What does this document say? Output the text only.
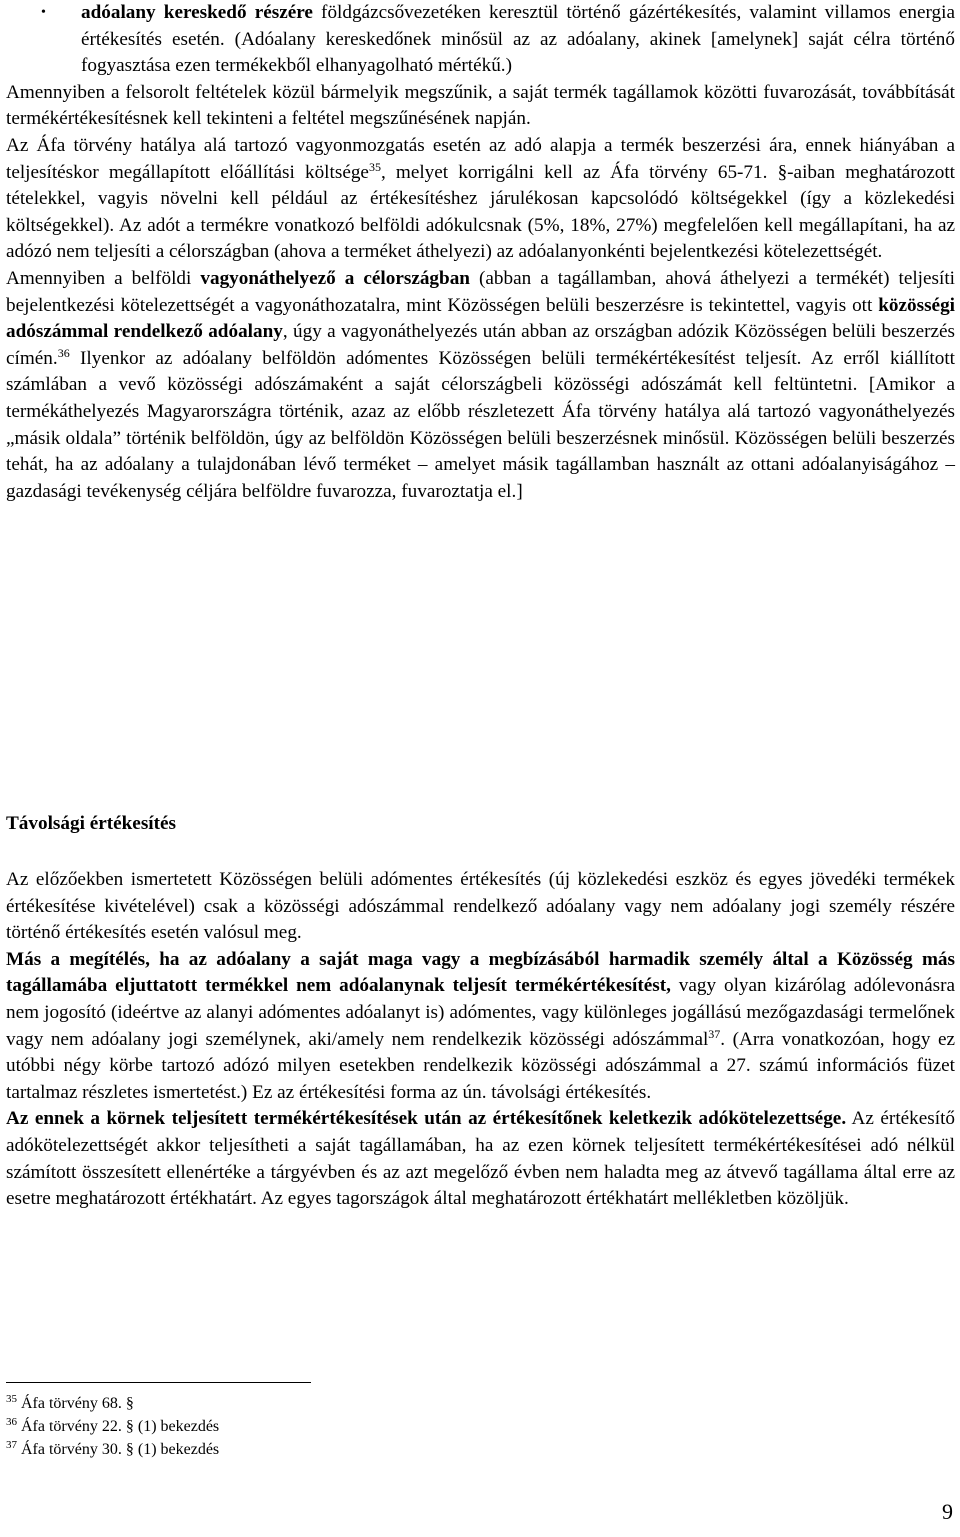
• adóalany kereskedő részére földgázcsővezetéken keresztül történő gázértékesítés, valamint villamos energia értékesítés esetén. (Adóalany kereskedőnek minősül az az adóalany, akinek [amelynek] saját célra történő fogyasztása ezen termékekből elhanyagolható mértékű.)

Amennyiben a felsorolt feltételek közül bármelyik megszűnik, a saját termék tagállamok közötti fuvarozását, továbbítását termékértékesítésnek kell tekinteni a feltétel megszűnésének napján.

Az Áfa törvény hatálya alá tartozó vagyonmozgatás esetén az adó alapja a termék beszerzési ára, ennek hiányában a teljesítéskor megállapított előállítási költsége$^{35}$, melyet korrigálni kell az Áfa törvény 65-71. §-aiban meghatározott tételekkel, vagyis növelni kell például az értékesítéshez járulékosan kapcsolódó költségekkel (így a közlekedési költségekkel). Az adót a termékre vonatkozó belföldi adókulcsnak (5%, 18%, 27%) megfelelően kell megállapítani, ha az adózó nem teljesíti a célországban (ahova a terméket áthelyezi) az adóalanyonkénti bejelentkezési kötelezettségét.

Amennyiben a belföldi vagyonáthelyező a célországban (abban a tagállamban, ahová áthelyezi a termékét) teljesíti bejelentkezési kötelezettségét a vagyonáthozatalra, mint Közösségen belüli beszerzésre is tekintettel, vagyis ott közösségi adószámmal rendelkező adóalany, úgy a vagyonáthelyezés után abban az országban adózik Közösségen belüli beszerzés címén.$^{36}$ Ilyenkor az adóalany belföldön adómentes Közösségen belüli termékértékesítést teljesít. Az erről kiállított számlában a vevő közösségi adószámaként a saját célországbeli közösségi adószámát kell feltüntetni. [Amikor a termékáthelyezés Magyarországra történik, azaz az előbb részletezett Áfa törvény hatálya alá tartozó vagyonáthelyezés „másik oldala” történik belföldön, úgy az belföldön Közösségen belüli beszerzésnek minősül. Közösségen belüli beszerzés tehát, ha az adóalany a tulajdonában lévő terméket – amelyet másik tagállamban használt az ottani adóalanyiságához – gazdasági tevékenység céljára belföldre fuvarozza, fuvaroztatja el.]

Távolsági értékesítés

Az előzőekben ismertetett Közösségen belüli adómentes értékesítés (új közlekedési eszköz és egyes jövedéki termékek értékesítése kivételével) csak a közösségi adószámmal rendelkező adóalany vagy nem adóalany jogi személy részére történő értékesítés esetén valósul meg.

Más a megítélés, ha az adóalany a saját maga vagy a megbízásából harmadik személy által a Közösség más tagállamába eljuttatott termékkel nem adóalanynak teljesít termékértékesítést, vagy olyan kizárólag adólevonásra nem jogosító (ideértve az alanyi adómentes adóalanyt is) adómentes, vagy különleges jogállású mezőgazdasági termelőnek vagy nem adóalany jogi személynek, aki/amely nem rendelkezik közösségi adószámmal$^{37}$. (Arra vonatkozóan, hogy ez utóbbi négy körbe tartozó adózó milyen esetekben rendelkezik közösségi adószámmal a 27. számú információs füzet tartalmaz részletes ismertetést.) Ez az értékesítési forma az ún. távolsági értékesítés.

Az ennek a körnek teljesített termékértékesítések után az értékesítőnek keletkezik adókötelezettsége. Az értékesítő adókötelezettségét akkor teljesítheti a saját tagállamában, ha az ezen körnek teljesített termékértékesítései adó nélkül számított összesített ellenértéke a tárgyévben és az azt megelőző évben nem haladta meg az átvevő tagállama által erre az esetre meghatározott értékhatárt. Az egyes tagországok által meghatározott értékhatárt mellékletben közöljük.

$^{35}$ Áfa törvény 68. §

$^{36}$ Áfa törvény 22. § (1) bekezdés

$^{37}$ Áfa törvény 30. § (1) bekezdés

9
